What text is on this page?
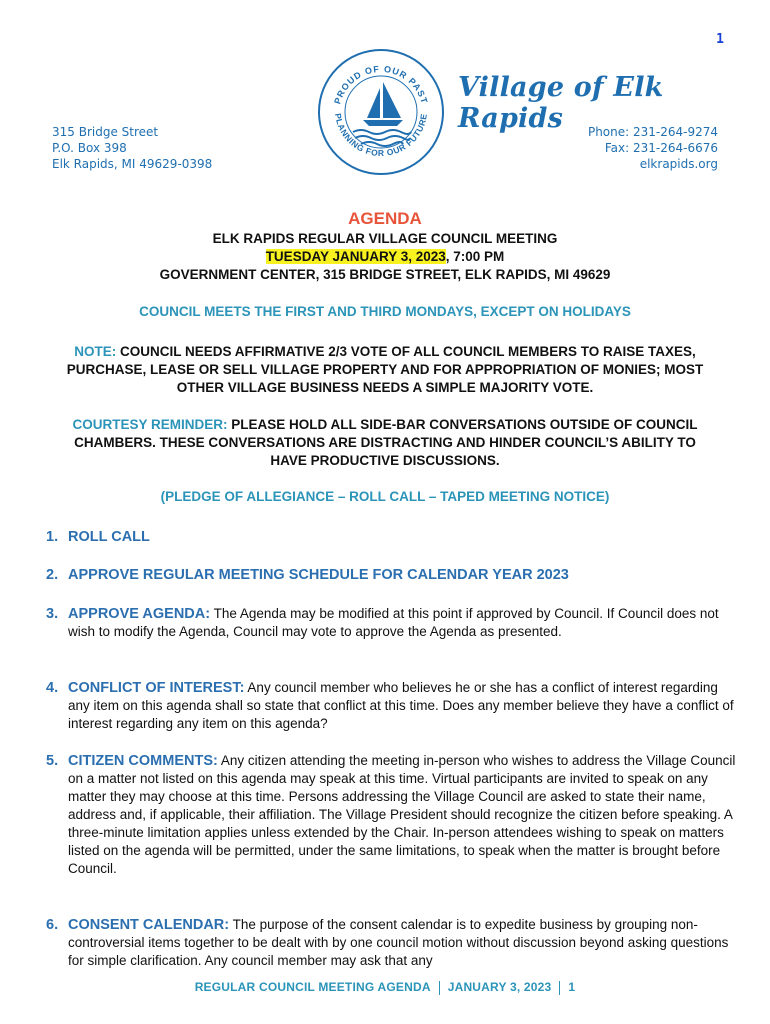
1
315 Bridge Street
P.O. Box 398
Elk Rapids, MI 49629-0398
PROUD OF OUR PAST
PLANNING FOR OUR FUTURE
Village of Elk Rapids	Phone: 231-264-9274
Fax: 231-264-6676
elkrapids.org
AGENDA
ELK RAPIDS REGULAR VILLAGE COUNCIL MEETING
TUESDAY JANUARY 3, 2023, 7:00 PM
GOVERNMENT CENTER, 315 BRIDGE STREET, ELK RAPIDS, MI 49629
COUNCIL MEETS THE FIRST AND THIRD MONDAYS, EXCEPT ON HOLIDAYS
NOTE: COUNCIL NEEDS AFFIRMATIVE 2/3 VOTE OF ALL COUNCIL MEMBERS TO RAISE TAXES, PURCHASE, LEASE OR SELL VILLAGE PROPERTY AND FOR APPROPRIATION OF MONIES; MOST OTHER VILLAGE BUSINESS NEEDS A SIMPLE MAJORITY VOTE.
COURTESY REMINDER: PLEASE HOLD ALL SIDE-BAR CONVERSATIONS OUTSIDE OF COUNCIL CHAMBERS. THESE CONVERSATIONS ARE DISTRACTING AND HINDER COUNCIL’S ABILITY TO HAVE PRODUCTIVE DISCUSSIONS.
(PLEDGE OF ALLEGIANCE – ROLL CALL – TAPED MEETING NOTICE)
1. ROLL CALL
2. APPROVE REGULAR MEETING SCHEDULE FOR CALENDAR YEAR 2023
3. APPROVE AGENDA: The Agenda may be modified at this point if approved by Council. If Council does not wish to modify the Agenda, Council may vote to approve the Agenda as presented.
4. CONFLICT OF INTEREST: Any council member who believes he or she has a conflict of interest regarding any item on this agenda shall so state that conflict at this time. Does any member believe they have a conflict of interest regarding any item on this agenda?
5. CITIZEN COMMENTS: Any citizen attending the meeting in-person who wishes to address the Village Council on a matter not listed on this agenda may speak at this time. Virtual participants are invited to speak on any matter they may choose at this time. Persons addressing the Village Council are asked to state their name, address and, if applicable, their affiliation. The Village President should recognize the citizen before speaking. A three-minute limitation applies unless extended by the Chair. In-person attendees wishing to speak on matters listed on the agenda will be permitted, under the same limitations, to speak when the matter is brought before Council.
6. CONSENT CALENDAR: The purpose of the consent calendar is to expedite business by grouping non-controversial items together to be dealt with by one council motion without discussion beyond asking questions for simple clarification. Any council member may ask that any
REGULAR COUNCIL MEETING AGENDA JANUARY 3, 2023 1
